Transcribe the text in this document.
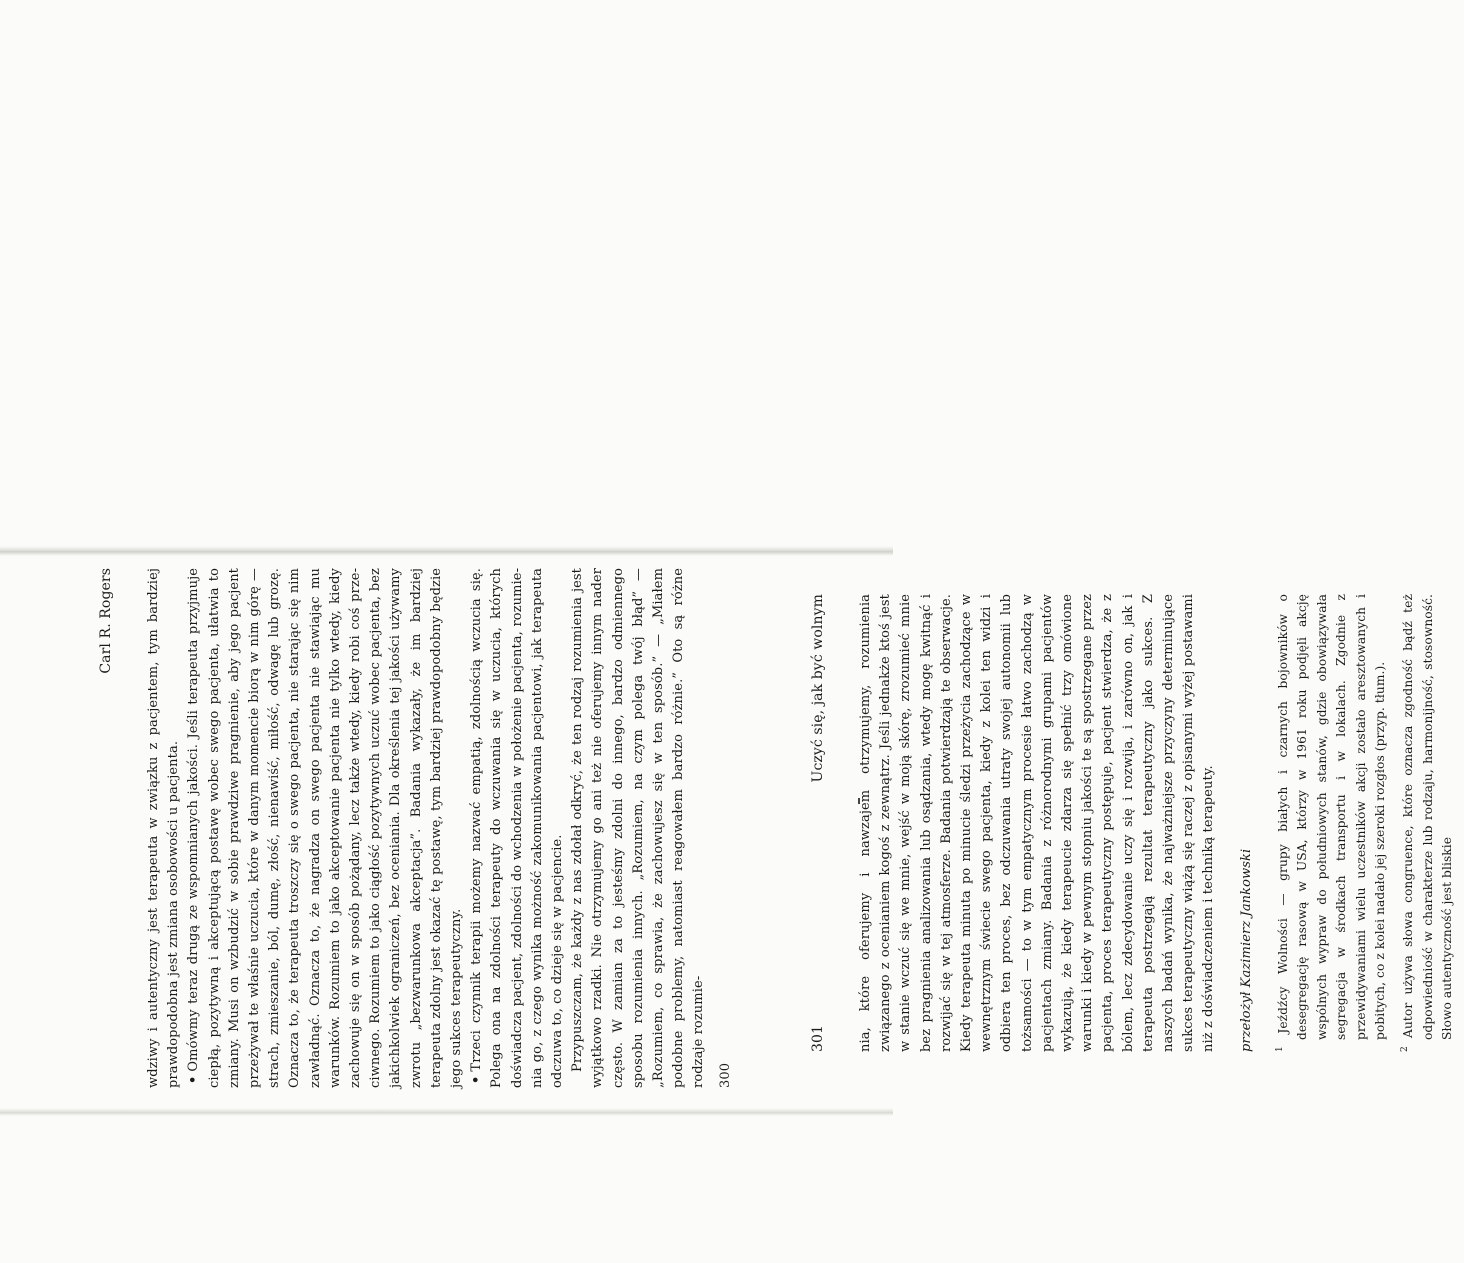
Carl R. Rogers wdziwy i autentyczny jest terapeuta w związku z pacjentem, tym bardziej prawdopodobna jest zmiana osobowości u pacjenta. •Omówmy teraz drugą ze wspomnianych jakości. Jeśli terapeuta przyjmuje ciepłą, pozytywną i akceptującą postawę wobec swego pacjenta, ułatwia to zmiany. Musi on wzbudzić w sobie prawdziwe pragnienie, aby jego pacjent przeżywał te właśnie uczucia, które w danym momencie biorą w nim górę — strach, zmieszanie, ból, dumę, złość, nienawiść, miłość, odwagę lub grozę. Oznacza to, że terapeuta troszczy się o swego pacjenta, nie starając się nim zawładnąć. Oznacza to, że nagradza on swego pacjenta nie stawiając mu warunków. Rozumiem to jako akceptowanie pacjenta nie tylko wtedy, kiedy zachowuje się on w sposób pożądany, lecz także wtedy, kiedy robi coś przeciwnego. Rozumiem to jako ciągłość pozytywnych uczuć wobec pacjenta, bez jakichkolwiek ograniczeń, bez oceniania. Dla określenia tej jakości używamy zwrotu „bezwarunkowa akceptacja”. Badania wykazały, że im bardziej terapeuta zdolny jest okazać tę postawę, tym bardziej prawdopodobny będzie jego sukces terapeutyczny. •Trzeci czynnik terapii możemy nazwać empatią, zdolnością wczucia się. Polega ona na zdolności terapeuty do wczuwania się w uczucia, których doświadcza pacjent, zdolności do wchodzenia w położenie pacjenta, rozumienia go, z czego wynika możność zakomunikowania pacjentowi, jak terapeuta odczuwa to, co dzieje się w pacjencie. Przypuszczam, że każdy z nas zdołał odkryć, że ten rodzaj rozumienia jest wyjątkowo rzadki. Nie otrzymujemy go ani też nie oferujemy innym nader często. W zamian za to jesteśmy zdolni do innego, bardzo odmiennego sposobu rozumienia innych. „Rozumiem, na czym polega twój błąd” — „Rozumiem, co sprawia, że zachowujesz się w ten sposób.” — „Miałem podobne problemy, natomiast reagowałem bardzo różnie.” Oto są różne rodzaje rozumie- 300
301
Uczyć się, jak być wolnym nia, które oferujemy i nawzajem otrzymujemy, rozumienia związanego z ocenianiem kogoś z zewnątrz. Jeśli jednakże ktoś jest w stanie wczuć się we mnie, wejść w moją skórę, zrozumieć mnie bez pragnienia analizowania lub osądzania, wtedy mogę kwitnąć i rozwijać się w tej atmosferze. Badania potwierdzają te obserwacje. Kiedy terapeuta minuta po minucie śledzi przeżycia zachodzące w wewnętrznym świecie swego pacjenta, kiedy z kolei ten widzi i odbiera ten proces, bez odczuwania utraty swojej autonomii lub tożsamości — to w tym empatycznym procesie łatwo zachodzą w pacjentach zmiany. Badania z różnorodnymi grupami pacjentów wykazują, że kiedy terapeucie zdarza się spełnić trzy omówione warunki i kiedy w pewnym stopniu jakości te są spostrzegane przez pacjenta, proces terapeutyczny postępuje, pacjent stwierdza, że z bólem, lecz zdecydowanie uczy się i rozwija, i zarówno on, jak i terapeuta postrzegają rezultat terapeutyczny jako sukces. Z naszych badań wynika, że najważniejsze przyczyny determinujące sukces terapeutyczny wiążą się raczej z opisanymi wyżej postawami niż z doświadczeniem i techniką terapeuty. przełożył Kazimierz Jankowski	$^1$ Jeźdźcy Wolności — grupy białych i czarnych bojowników o desegregację rasową w USA, którzy w 1961 roku podjęli akcję wspólnych wypraw do południowych stanów, gdzie obowiązywała segregacja w środkach transportu i w lokalach. Zgodnie z przewidywaniami wielu uczestników akcji zostało aresztowanych i pobitych, co z kolei nadało jej szeroki rozgłos (przyp. tłum.).

$^2$ Autor używa słowa congruence, które oznacza zgodność bądź też odpowiedniość w charakterze lub rodzaju, harmonijność, stosowność. Słowo autentyczność jest bliskie
